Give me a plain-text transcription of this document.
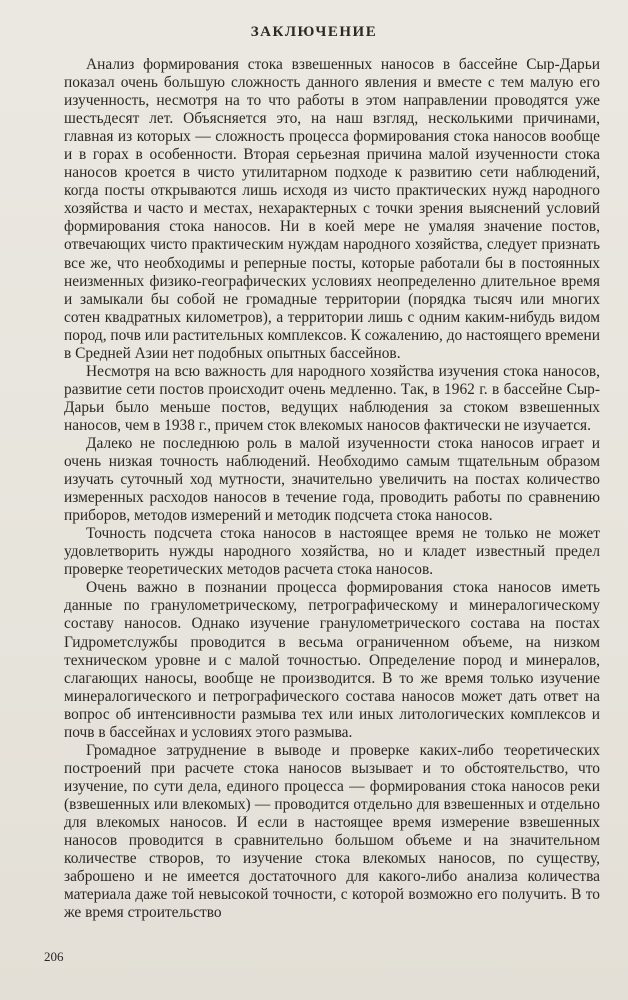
ЗАКЛЮЧЕНИЕ

Анализ формирования стока взвешенных наносов в бассейне Сыр-Дарьи показал очень большую сложность данного явления и вместе с тем малую его изученность, несмотря на то что работы в этом направлении проводятся уже шестьдесят лет. Объясняется это, на наш взгляд, несколькими причинами, главная из которых — сложность процесса формирования стока наносов вообще и в горах в особенности. Вторая серьезная причина малой изученности стока наносов кроется в чисто утилитарном подходе к развитию сети наблюдений, когда посты открываются лишь исходя из чисто практических нужд народного хозяйства и часто и местах, нехарактерных с точки зрения выяснений условий формирования стока наносов. Ни в коей мере не умаляя значение постов, отвечающих чисто практическим нуждам народного хозяйства, следует признать все же, что необходимы и реперные посты, которые работали бы в постоянных неизменных физико-географических условиях неопределенно длительное время и замыкали бы собой не громадные территории (порядка тысяч или многих сотен квадратных километров), а территории лишь с одним каким-нибудь видом пород, почв или растительных комплексов. К сожалению, до настоящего времени в Средней Азии нет подобных опытных бассейнов.

Несмотря на всю важность для народного хозяйства изучения стока наносов, развитие сети постов происходит очень медленно. Так, в 1962 г. в бассейне Сыр-Дарьи было меньше постов, ведущих наблюдения за стоком взвешенных наносов, чем в 1938 г., причем сток влекомых наносов фактически не изучается.

Далеко не последнюю роль в малой изученности стока наносов играет и очень низкая точность наблюдений. Необходимо самым тщательным образом изучать суточный ход мутности, значительно увеличить на постах количество измеренных расходов наносов в течение года, проводить работы по сравнению приборов, методов измерений и методик подсчета стока наносов.

Точность подсчета стока наносов в настоящее время не только не может удовлетворить нужды народного хозяйства, но и кладет известный предел проверке теоретических методов расчета стока наносов.

Очень важно в познании процесса формирования стока наносов иметь данные по гранулометрическому, петрографическому и минералогическому составу наносов. Однако изучение гранулометрического состава на постах Гидрометслужбы проводится в весьма ограниченном объеме, на низком техническом уровне и с малой точностью. Определение пород и минералов, слагающих наносы, вообще не производится. В то же время только изучение минералогического и петрографического состава наносов может дать ответ на вопрос об интенсивности размыва тех или иных литологических комплексов и почв в бассейнах и условиях этого размыва.

Громадное затруднение в выводе и проверке каких-либо теоретических построений при расчете стока наносов вызывает и то обстоятельство, что изучение, по сути дела, единого процесса — формирования стока наносов реки (взвешенных или влекомых) — проводится отдельно для взвешенных и отдельно для влекомых наносов. И если в настоящее время измерение взвешенных наносов проводится в сравнительно большом объеме и на значительном количестве створов, то изучение стока влекомых наносов, по существу, заброшено и не имеется достаточного для какого-либо анализа количества материала даже той невысокой точности, с которой возможно его получить. В то же время строительство

206
